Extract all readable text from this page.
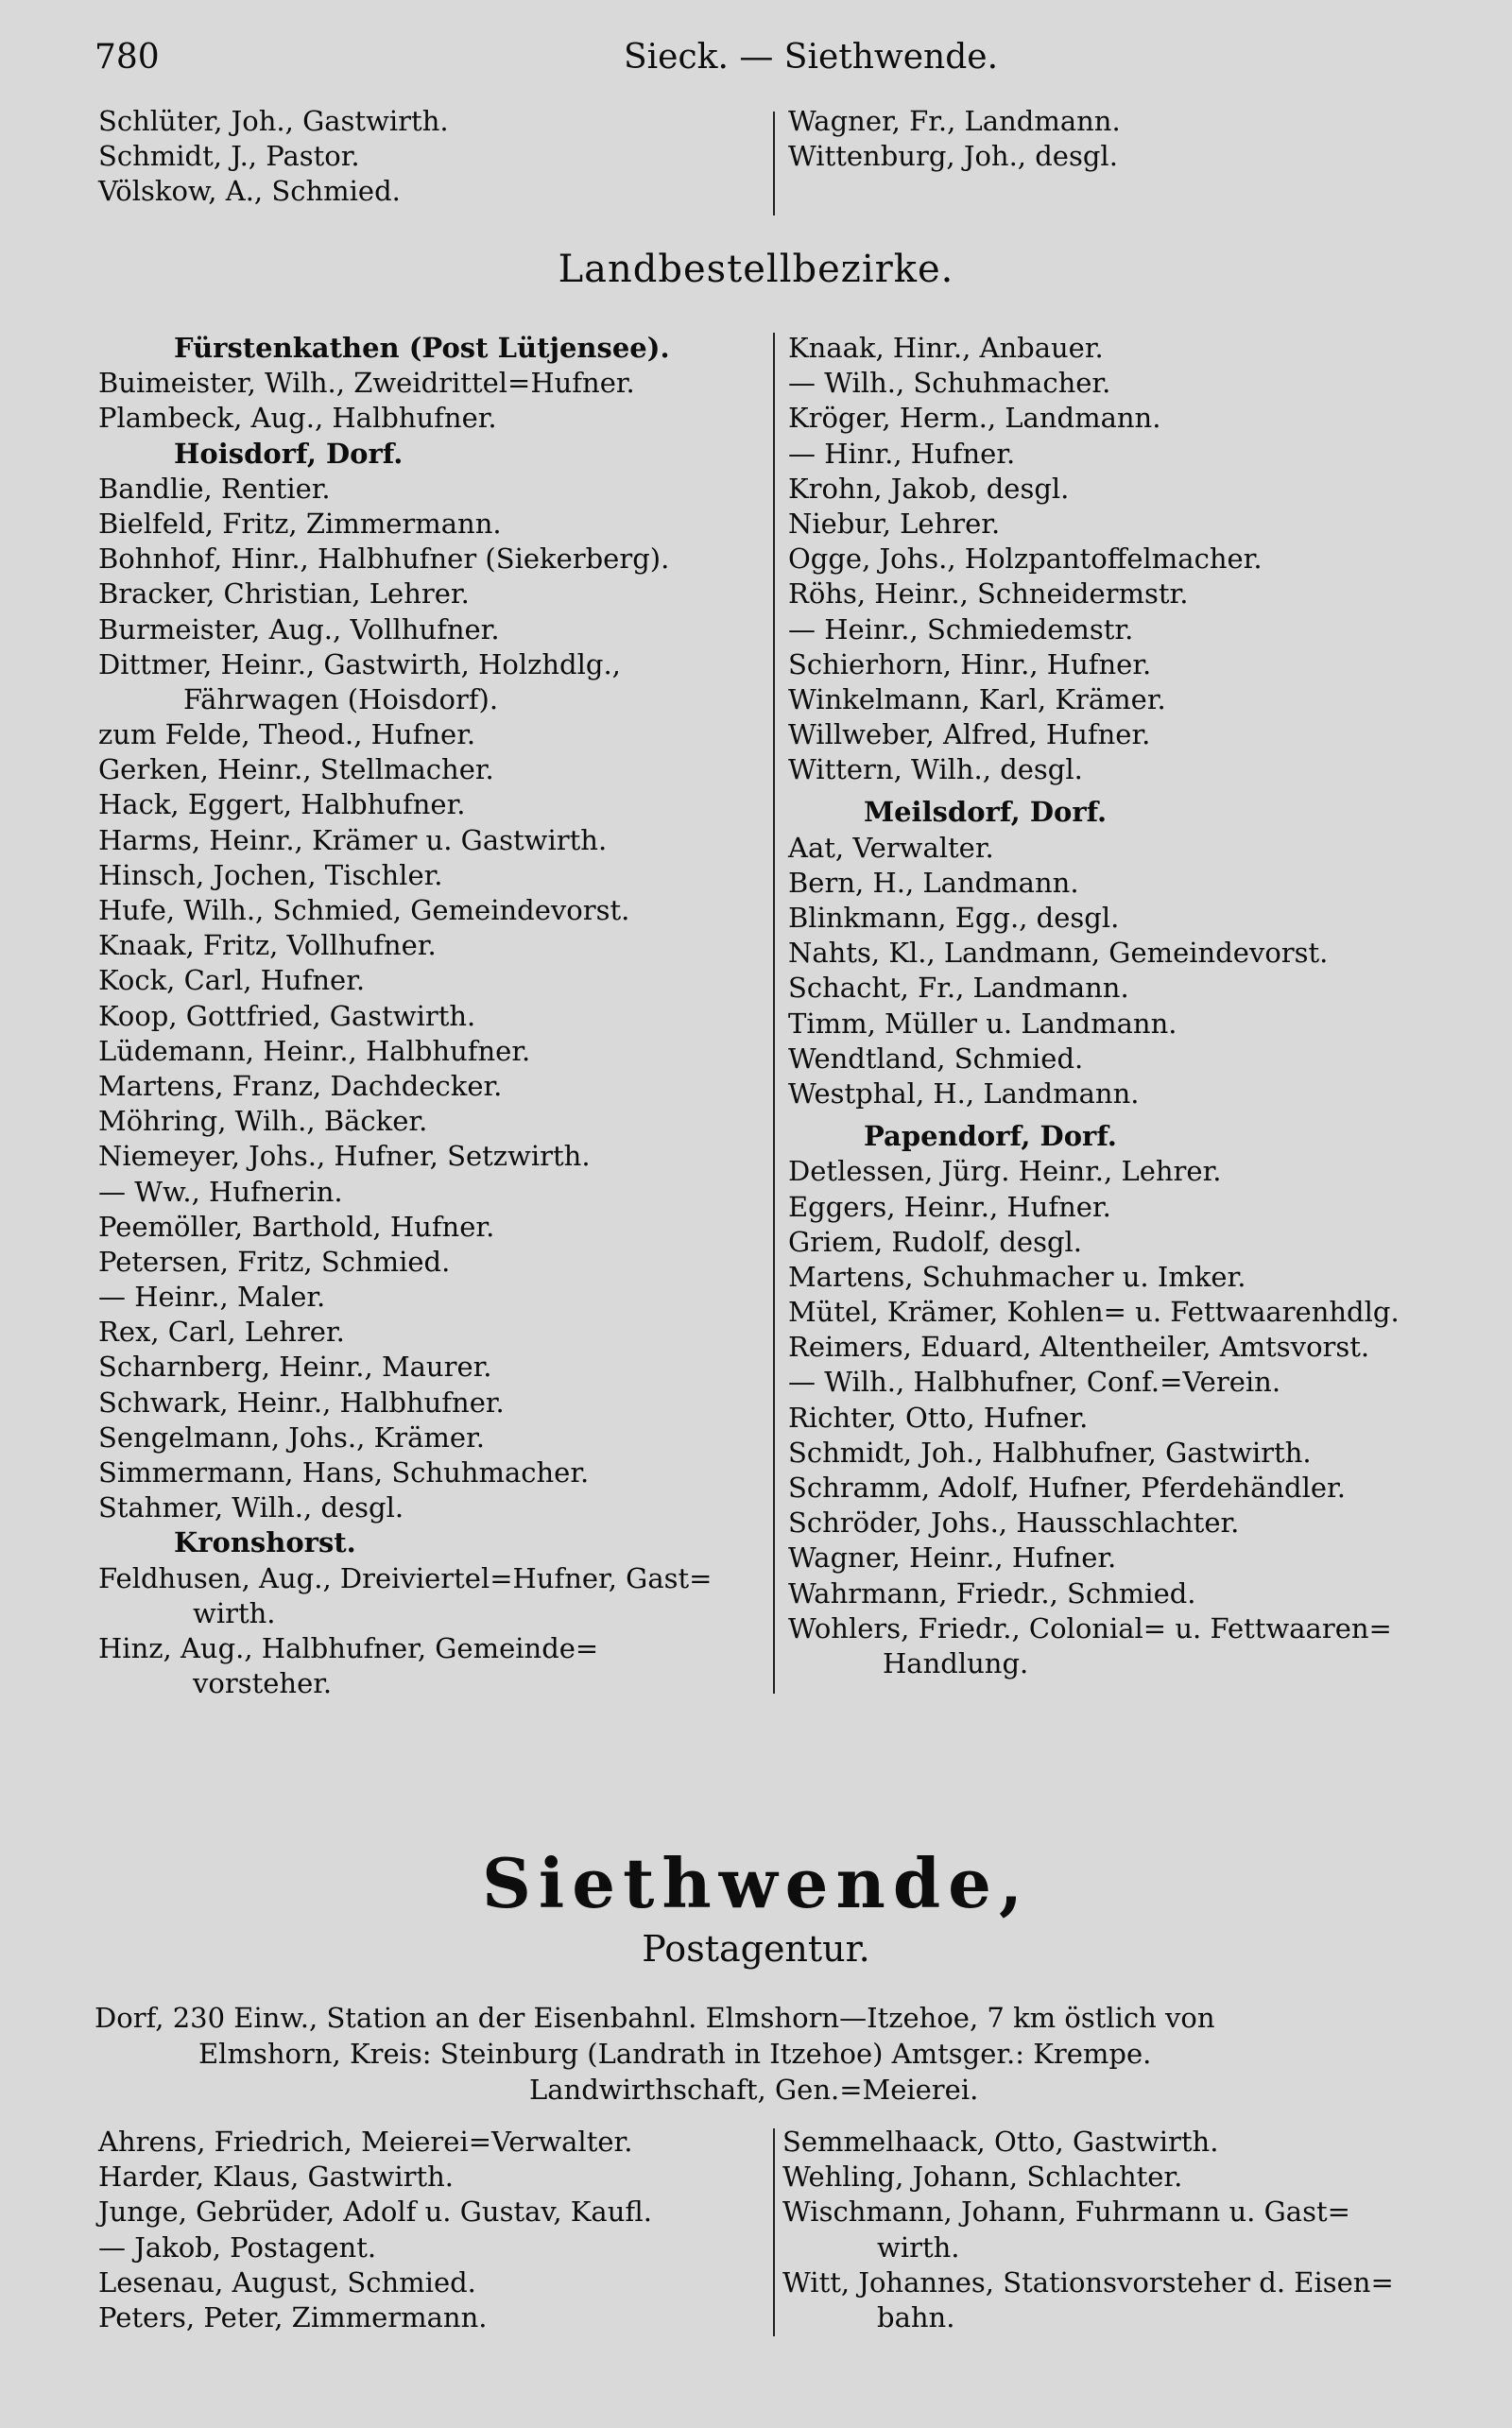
780	Sieck. — Siethwende.
Schlüter, Joh., Gastwirth.
Schmidt, J., Pastor.
Völskow, A., Schmied.
Wagner, Fr., Landmann.
Wittenburg, Joh., desgl.
Landbestellbezirke.
Fürstenkathen (Post Lütjensee).
Buimeister, Wilh., Zweidrittel=Hufner.
Plambeck, Aug., Halbhufner.
Hoisdorf, Dorf.
Bandlie, Rentier.
Bielfeld, Fritz, Zimmermann.
Bohnhof, Hinr., Halbhufner (Siekerberg).
Bracker, Christian, Lehrer.
Burmeister, Aug., Vollhufner.
Dittmer, Heinr., Gastwirth, Holzhdlg.,
Fährwagen (Hoisdorf).
zum Felde, Theod., Hufner.
Gerken, Heinr., Stellmacher.
Hack, Eggert, Halbhufner.
Harms, Heinr., Krämer u. Gastwirth.
Hinsch, Jochen, Tischler.
Hufe, Wilh., Schmied, Gemeindevorst.
Knaak, Fritz, Vollhufner.
Kock, Carl, Hufner.
Koop, Gottfried, Gastwirth.
Lüdemann, Heinr., Halbhufner.
Martens, Franz, Dachdecker.
Möhring, Wilh., Bäcker.
Niemeyer, Johs., Hufner, Setzwirth.
— Ww., Hufnerin.
Peemöller, Barthold, Hufner.
Petersen, Fritz, Schmied.
— Heinr., Maler.
Rex, Carl, Lehrer.
Scharnberg, Heinr., Maurer.
Schwark, Heinr., Halbhufner.
Sengelmann, Johs., Krämer.
Simmermann, Hans, Schuhmacher.
Stahmer, Wilh., desgl.
Kronshorst.
Feldhusen, Aug., Dreiviertel=Hufner, Gast=
wirth.
Hinz, Aug., Halbhufner, Gemeinde=
vorsteher.
Knaak, Hinr., Anbauer.
— Wilh., Schuhmacher.
Kröger, Herm., Landmann.
— Hinr., Hufner.
Krohn, Jakob, desgl.
Niebur, Lehrer.
Ogge, Johs., Holzpantoffelmacher.
Röhs, Heinr., Schneidermstr.
— Heinr., Schmiedemstr.
Schierhorn, Hinr., Hufner.
Winkelmann, Karl, Krämer.
Willweber, Alfred, Hufner.
Wittern, Wilh., desgl.
Meilsdorf, Dorf.
Aat, Verwalter.
Bern, H., Landmann.
Blinkmann, Egg., desgl.
Nahts, Kl., Landmann, Gemeindevorst.
Schacht, Fr., Landmann.
Timm, Müller u. Landmann.
Wendtland, Schmied.
Westphal, H., Landmann.
Papendorf, Dorf.
Detlessen, Jürg. Heinr., Lehrer.
Eggers, Heinr., Hufner.
Griem, Rudolf, desgl.
Martens, Schuhmacher u. Imker.
Mütel, Krämer, Kohlen= u. Fettwaarenhdlg.
Reimers, Eduard, Altentheiler, Amtsvorst.
— Wilh., Halbhufner, Conf.=Verein.
Richter, Otto, Hufner.
Schmidt, Joh., Halbhufner, Gastwirth.
Schramm, Adolf, Hufner, Pferdehändler.
Schröder, Johs., Hausschlachter.
Wagner, Heinr., Hufner.
Wahrmann, Friedr., Schmied.
Wohlers, Friedr., Colonial= u. Fettwaaren=
Handlung.
Siethwende,
Postagentur.
Dorf, 230 Einw., Station an der Eisenbahnl. Elmshorn—Itzehoe, 7 km östlich von
Elmshorn, Kreis: Steinburg (Landrath in Itzehoe) Amtsger.: Krempe.
Landwirthschaft, Gen.=Meierei.
Ahrens, Friedrich, Meierei=Verwalter.
Harder, Klaus, Gastwirth.
Junge, Gebrüder, Adolf u. Gustav, Kaufl.
— Jakob, Postagent.
Lesenau, August, Schmied.
Peters, Peter, Zimmermann.
Semmelhaack, Otto, Gastwirth.
Wehling, Johann, Schlachter.
Wischmann, Johann, Fuhrmann u. Gast=
wirth.
Witt, Johannes, Stationsvorsteher d. Eisen=
bahn.
